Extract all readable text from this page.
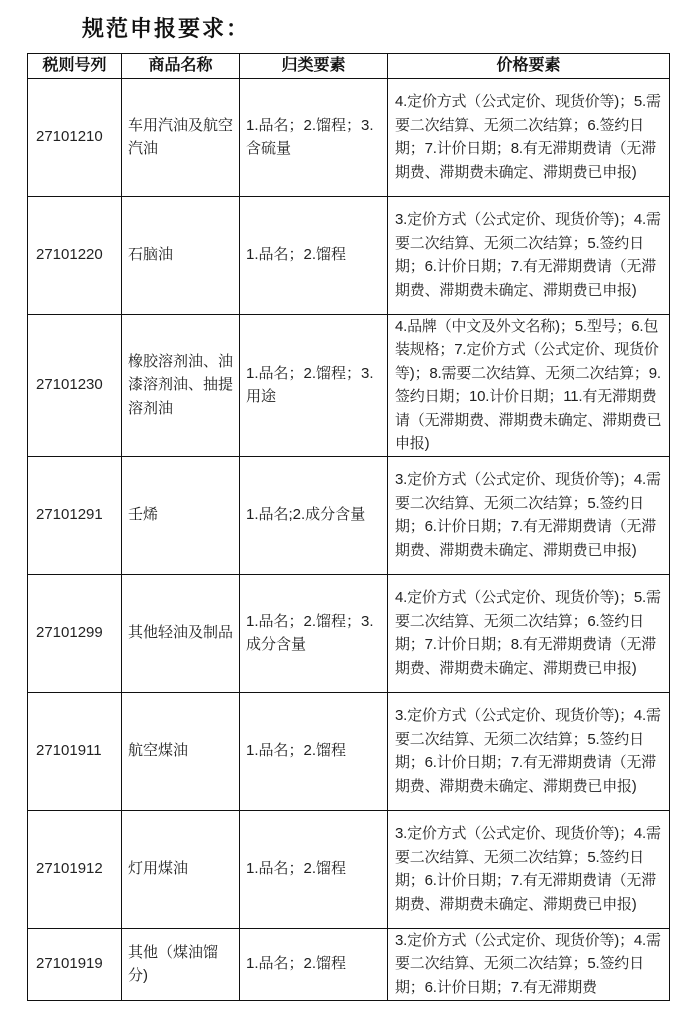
规范申报要求：
税则号列	商品名称	归类要素	价格要素
27101210	车用汽油及航空汽油	1.品名；2.馏程；3.含硫量	4.定价方式（公式定价、现货价等)；5.需要二次结算、无须二次结算；6.签约日期；7.计价日期；8.有无滞期费请（无滞期费、滞期费未确定、滞期费已申报)
27101220	石脑油	1.品名；2.馏程	3.定价方式（公式定价、现货价等)；4.需要二次结算、无须二次结算；5.签约日期；6.计价日期；7.有无滞期费请（无滞期费、滞期费未确定、滞期费已申报)
27101230	橡胶溶剂油、油漆溶剂油、抽提溶剂油	1.品名；2.馏程；3.用途	4.品牌（中文及外文名称)；5.型号；6.包装规格；7.定价方式（公式定价、现货价等)；8.需要二次结算、无须二次结算；9.签约日期；10.计价日期；11.有无滞期费请（无滞期费、滞期费未确定、滞期费已申报)
27101291	壬烯	1.品名;2.成分含量	3.定价方式（公式定价、现货价等)；4.需要二次结算、无须二次结算；5.签约日期；6.计价日期；7.有无滞期费请（无滞期费、滞期费未确定、滞期费已申报)
27101299	其他轻油及制品	1.品名；2.馏程；3.成分含量	4.定价方式（公式定价、现货价等)；5.需要二次结算、无须二次结算；6.签约日期；7.计价日期；8.有无滞期费请（无滞期费、滞期费未确定、滞期费已申报)
27101911	航空煤油	1.品名；2.馏程	3.定价方式（公式定价、现货价等)；4.需要二次结算、无须二次结算；5.签约日期；6.计价日期；7.有无滞期费请（无滞期费、滞期费未确定、滞期费已申报)
27101912	灯用煤油	1.品名；2.馏程	3.定价方式（公式定价、现货价等)；4.需要二次结算、无须二次结算；5.签约日期；6.计价日期；7.有无滞期费请（无滞期费、滞期费未确定、滞期费已申报)
27101919	其他（煤油馏分)	1.品名；2.馏程	3.定价方式（公式定价、现货价等)；4.需要二次结算、无须二次结算；5.签约日期；6.计价日期；7.有无滞期费
